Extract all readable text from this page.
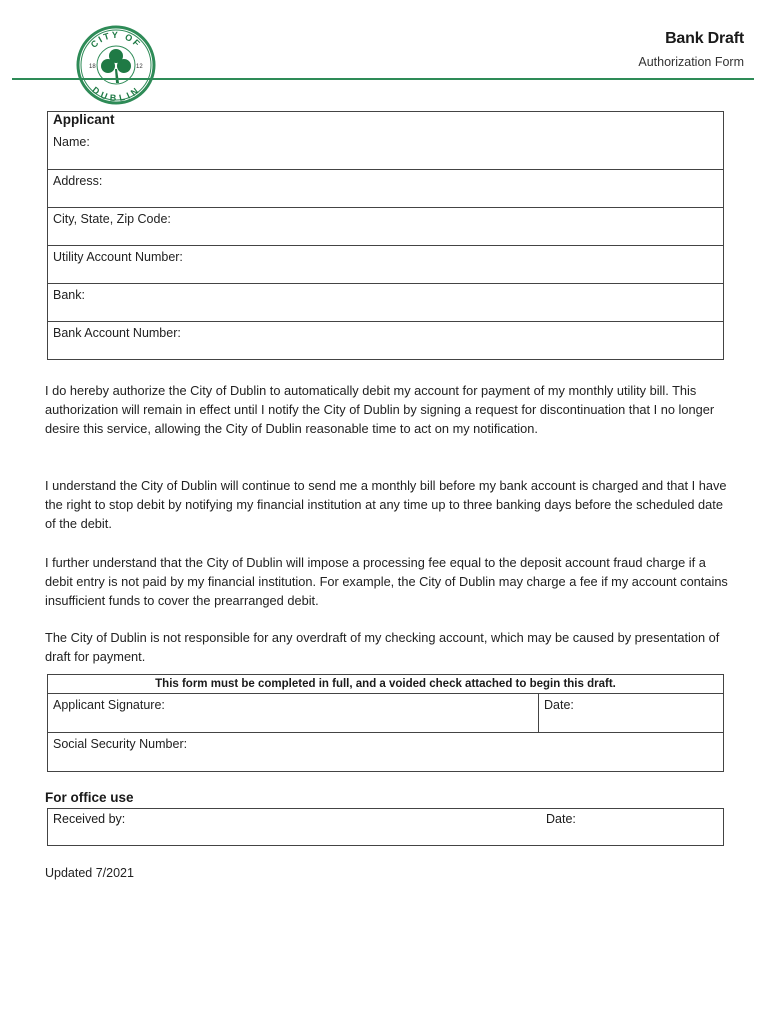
CITY OF
DUBLIN
18	12
Bank Draft
Authorization Form
Applicant
Name:
Address:
City, State, Zip Code:
Utility Account Number:
Bank:
Bank Account Number:

I do hereby authorize the City of Dublin to automatically debit my account for payment of my monthly utility bill. This authorization will remain in effect until I notify the City of Dublin by signing a request for discontinuation that I no longer desire this service, allowing the City of Dublin reasonable time to act on my notification.

I understand the City of Dublin will continue to send me a monthly bill before my bank account is charged and that I have the right to stop debit by notifying my financial institution at any time up to three banking days before the scheduled date of the debit.

I further understand that the City of Dublin will impose a processing fee equal to the deposit account fraud charge if a debit entry is not paid by my financial institution. For example, the City of Dublin may charge a fee if my account contains insufficient funds to cover the prearranged debit.

The City of Dublin is not responsible for any overdraft of my checking account, which may be caused by presentation of draft for payment.

This form must be completed in full, and a voided check attached to begin this draft.
Applicant Signature:	Date:
Social Security Number:
For office use
Received by:	Date:
Updated 7/2021
